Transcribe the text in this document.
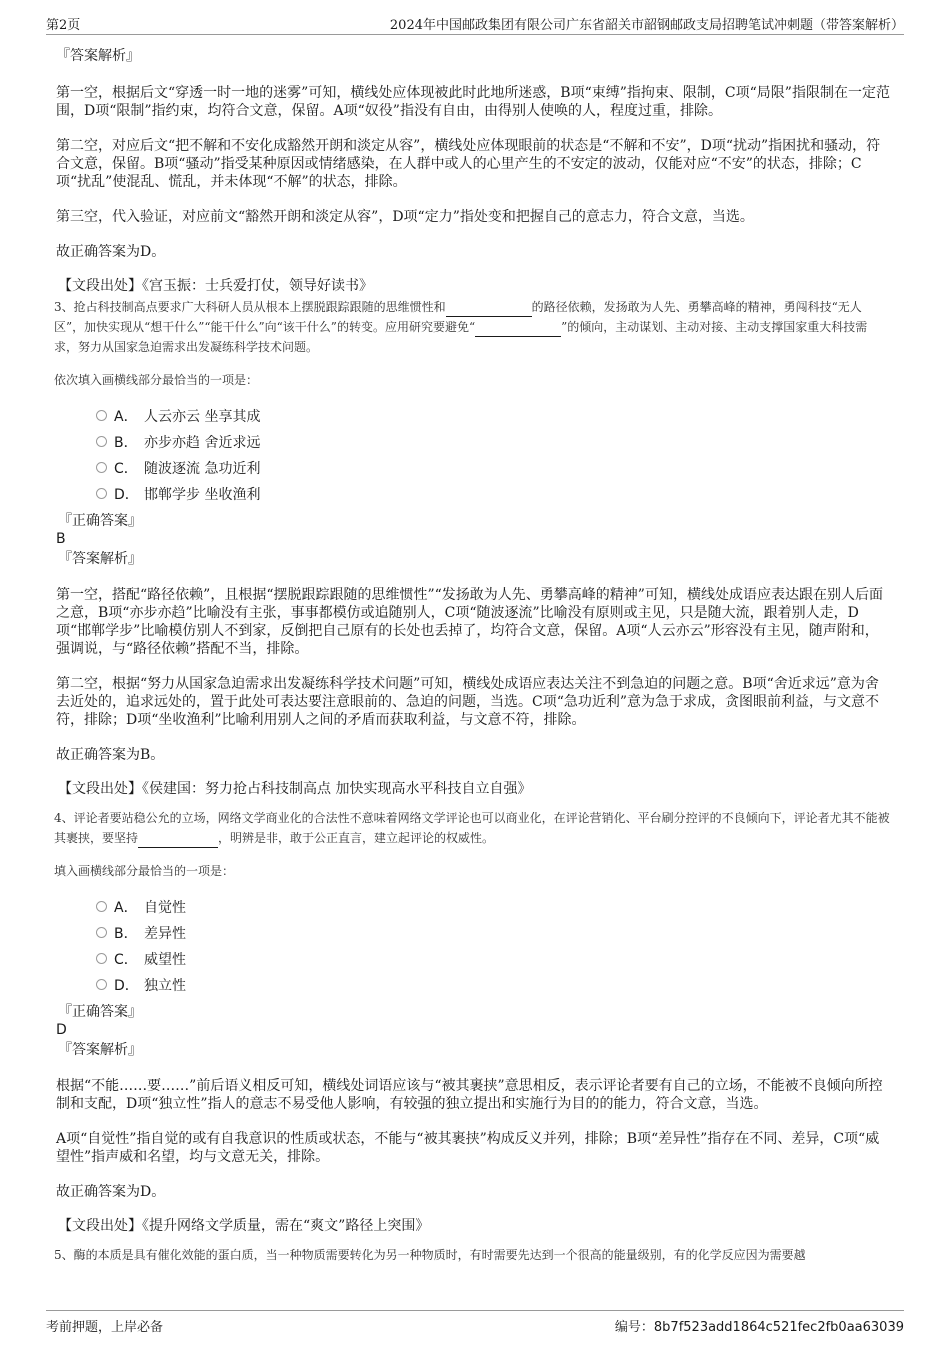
第2页	2024年中国邮政集团有限公司广东省韶关市韶钢邮政支局招聘笔试冲刺题（带答案解析）

『答案解析』

第一空，根据后文“穿透一时一地的迷雾”可知，横线处应体现被此时此地所迷惑，B项“束缚”指拘束、限制，C项“局限”指限制在一定范围，D项“限制”指约束，均符合文意，保留。A项“奴役”指没有自由，由得别人使唤的人，程度过重，排除。

第二空，对应后文“把不解和不安化成豁然开朗和淡定从容”，横线处应体现眼前的状态是“不解和不安”，D项“扰动”指困扰和骚动，符合文意，保留。B项“骚动”指受某种原因或情绪感染，在人群中或人的心里产生的不安定的波动，仅能对应“不安”的状态，排除；C项“扰乱”使混乱、慌乱，并未体现“不解”的状态，排除。

第三空，代入验证，对应前文“豁然开朗和淡定从容”，D项“定力”指处变和把握自己的意志力，符合文意，当选。

故正确答案为D。

【文段出处】《宫玉振：士兵爱打仗，领导好读书》

3、抢占科技制高点要求广大科研人员从根本上摆脱跟踪跟随的思维惯性和	的路径依赖，发扬敢为人先、勇攀高峰的精神，勇闯科技“无人区”，加快实现从“想干什么”“能干什么”向“该干什么”的转变。应用研究要避免“	”的倾向，主动谋划、主动对接、主动支撑国家重大科技需求，努力从国家急迫需求出发凝练科学技术问题。

依次填入画横线部分最恰当的一项是：

A． 人云亦云 坐享其成
B． 亦步亦趋 舍近求远
C． 随波逐流 急功近利
D． 邯郸学步 坐收渔利

『正确答案』

B

『答案解析』

第一空，搭配“路径依赖”，且根据“摆脱跟踪跟随的思维惯性”“发扬敢为人先、勇攀高峰的精神”可知，横线处成语应表达跟在别人后面之意，B项“亦步亦趋”比喻没有主张，事事都模仿或追随别人，C项“随波逐流”比喻没有原则或主见，只是随大流，跟着别人走，D项“邯郸学步”比喻模仿别人不到家，反倒把自己原有的长处也丢掉了，均符合文意，保留。A项“人云亦云”形容没有主见，随声附和，强调说，与“路径依赖”搭配不当，排除。

第二空，根据“努力从国家急迫需求出发凝练科学技术问题”可知，横线处成语应表达关注不到急迫的问题之意。B项“舍近求远”意为舍去近处的，追求远处的，置于此处可表达要注意眼前的、急迫的问题，当选。C项“急功近利”意为急于求成，贪图眼前利益，与文意不符，排除；D项“坐收渔利”比喻利用别人之间的矛盾而获取利益，与文意不符，排除。

故正确答案为B。

【文段出处】《侯建国：努力抢占科技制高点 加快实现高水平科技自立自强》

4、评论者要站稳公允的立场，网络文学商业化的合法性不意味着网络文学评论也可以商业化，在评论营销化、平台刷分控评的不良倾向下，评论者尤其不能被其裹挟，要坚持	，明辨是非，敢于公正直言，建立起评论的权威性。

填入画横线部分最恰当的一项是：

A． 自觉性
B． 差异性
C． 威望性
D． 独立性

『正确答案』

D

『答案解析』

根据“不能……要……”前后语义相反可知，横线处词语应该与“被其裹挟”意思相反，表示评论者要有自己的立场，不能被不良倾向所控制和支配，D项“独立性”指人的意志不易受他人影响，有较强的独立提出和实施行为目的的能力，符合文意，当选。

A项“自觉性”指自觉的或有自我意识的性质或状态，不能与“被其裹挟”构成反义并列，排除；B项“差异性”指存在不同、差异，C项“威望性”指声威和名望，均与文意无关，排除。

故正确答案为D。

【文段出处】《提升网络文学质量，需在“爽文”路径上突围》

5、酶的本质是具有催化效能的蛋白质，当一种物质需要转化为另一种物质时，有时需要先达到一个很高的能量级别，有的化学反应因为需要越

考前押题，上岸必备	编号：8b7f523add1864c521fec2fb0aa63039
